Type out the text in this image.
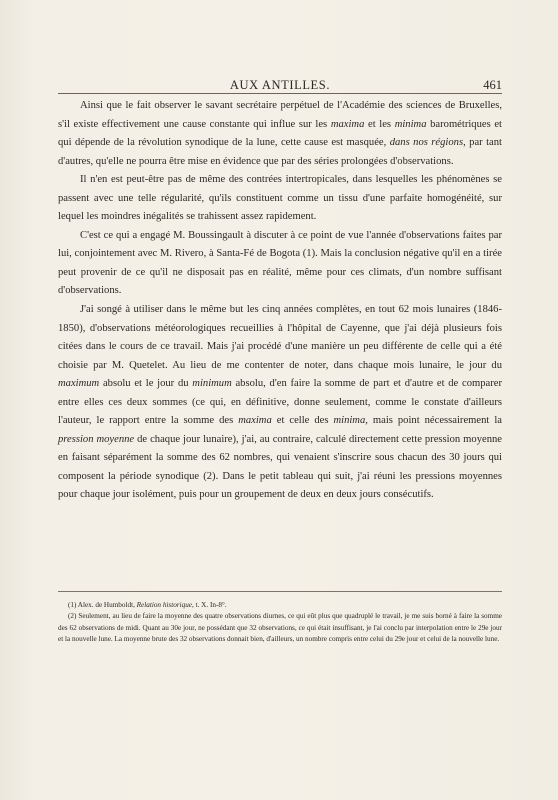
AUX ANTILLES.	461

Ainsi que le fait observer le savant secrétaire perpétuel de l'Académie des sciences de Bruxelles, s'il existe effectivement une cause constante qui influe sur les maxima et les minima barométriques et qui dépende de la révolution synodique de la lune, cette cause est masquée, dans nos régions, par tant d'autres, qu'elle ne pourra être mise en évidence que par des séries prolongées d'observations.

Il n'en est peut-être pas de même des contrées intertropicales, dans lesquelles les phénomènes se passent avec une telle régularité, qu'ils constituent comme un tissu d'une parfaite homogénéité, sur lequel les moindres inégalités se trahissent assez rapidement.

C'est ce qui a engagé M. Boussingault à discuter à ce point de vue l'année d'observations faites par lui, conjointement avec M. Rivero, à Santa-Fé de Bogota (1). Mais la conclusion négative qu'il en a tirée peut provenir de ce qu'il ne disposait pas en réalité, même pour ces climats, d'un nombre suffisant d'observations.

J'ai songé à utiliser dans le même but les cinq années complètes, en tout 62 mois lunaires (1846-1850), d'observations météorologiques recueillies à l'hôpital de Cayenne, que j'ai déjà plusieurs fois citées dans le cours de ce travail. Mais j'ai procédé d'une manière un peu différente de celle qui a été choisie par M. Quetelet. Au lieu de me contenter de noter, dans chaque mois lunaire, le jour du maximum absolu et le jour du minimum absolu, d'en faire la somme de part et d'autre et de comparer entre elles ces deux sommes (ce qui, en définitive, donne seulement, comme le constate d'ailleurs l'auteur, le rapport entre la somme des maxima et celle des minima, mais point nécessairement la pression moyenne de chaque jour lunaire), j'ai, au contraire, calculé directement cette pression moyenne en faisant séparément la somme des 62 nombres, qui venaient s'inscrire sous chacun des 30 jours qui composent la période synodique (2). Dans le petit tableau qui suit, j'ai réuni les pressions moyennes pour chaque jour isolément, puis pour un groupement de deux en deux jours consécutifs.

(1) Alex. de Humboldt, Relation historique, t. X. In-8°.

(2) Seulement, au lieu de faire la moyenne des quatre observations diurnes, ce qui eût plus que quadruplé le travail, je me suis borné à faire la somme des 62 observations de midi. Quant au 30e jour, ne possédant que 32 observations, ce qui était insuffisant, je l'ai conclu par interpolation entre le 29e jour et la nouvelle lune. La moyenne brute des 32 observations donnait bien, d'ailleurs, un nombre compris entre celui du 29e jour et celui de la nouvelle lune.
